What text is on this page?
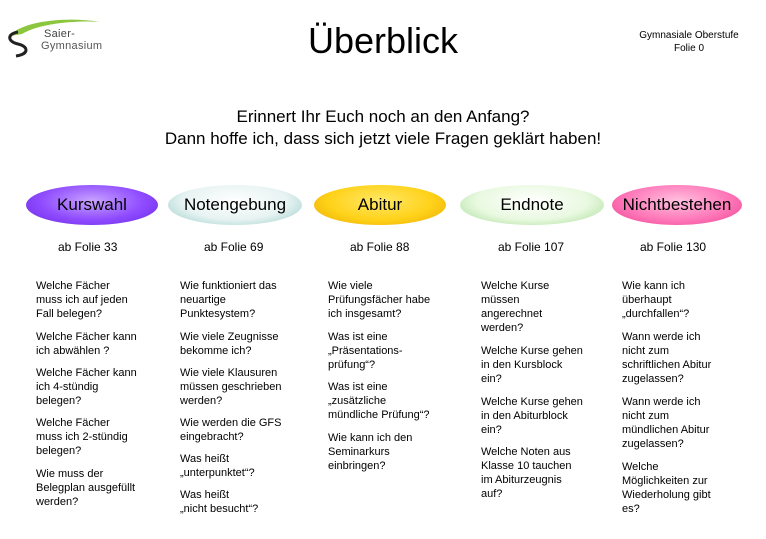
Saier-
Gymnasium	Überblick	Gymnasiale Oberstufe
Folie 0
Erinnert Ihr Euch noch an den Anfang?
Dann hoffe ich, dass sich jetzt viele Fragen geklärt haben!
Kurswahl	Notengebung	Abitur	Endnote	Nichtbestehen
ab Folie 33	ab Folie 69	ab Folie 88	ab Folie 107	ab Folie 130
Welche Fächer
muss ich auf jeden
Fall belegen?
Welche Fächer kann
ich abwählen ?
Welche Fächer kann
ich 4-stündig
belegen?
Welche Fächer
muss ich 2-stündig
belegen?
Wie muss der
Belegplan ausgefüllt
werden?
Wie funktioniert das
neuartige
Punktesystem?
Wie viele Zeugnisse
bekomme ich?
Wie viele Klausuren
müssen geschrieben
werden?
Wie werden die GFS
eingebracht?
Was heißt
„unterpunktet“?
Was heißt
„nicht besucht“?
Wie viele
Prüfungsfächer habe
ich insgesamt?
Was ist eine
„Präsentations-
prüfung“?
Was ist eine
„zusätzliche
mündliche Prüfung“?
Wie kann ich den
Seminarkurs
einbringen?
Welche Kurse
müssen
angerechnet
werden?
Welche Kurse gehen
in den Kursblock
ein?
Welche Kurse gehen
in den Abiturblock
ein?
Welche Noten aus
Klasse 10 tauchen
im Abiturzeugnis
auf?
Wie kann ich
überhaupt
„durchfallen“?
Wann werde ich
nicht zum
schriftlichen Abitur
zugelassen?
Wann werde ich
nicht zum
mündlichen Abitur
zugelassen?
Welche
Möglichkeiten zur
Wiederholung gibt
es?
